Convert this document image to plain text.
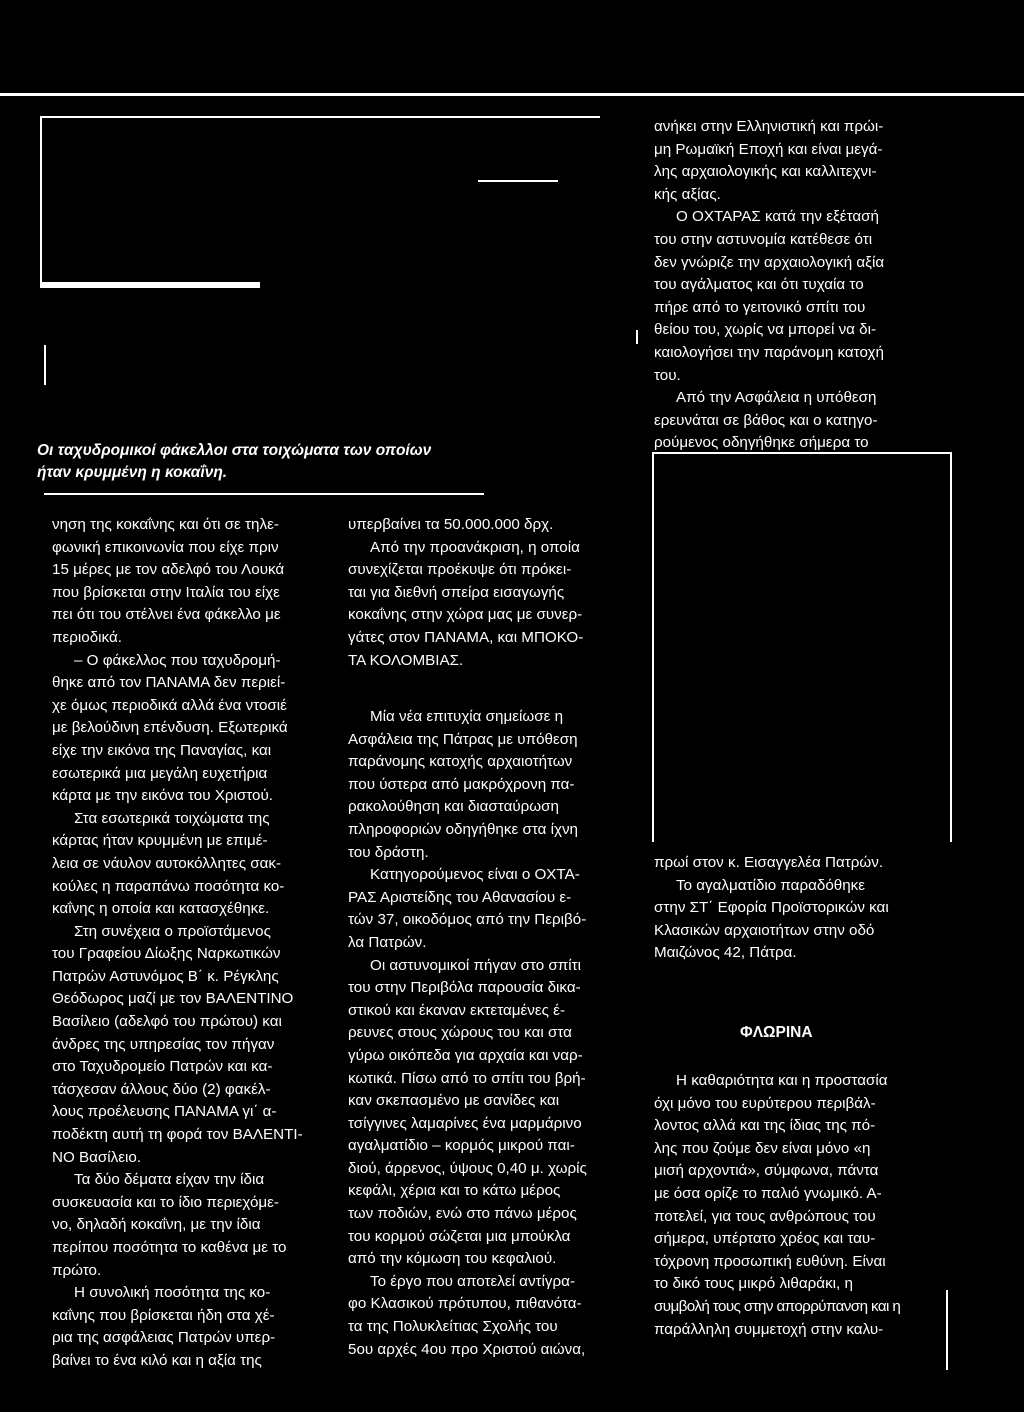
Οι ταχυδρομικοί φάκελλοι στα τοιχώματα των οποίων
ήταν κρυμμένη η κοκαΐνη.

νηση της κοκαΐνης και ότι σε τηλε-

φωνική επικοινωνία που είχε πριν

15 μέρες με τον αδελφό του Λουκά

που βρίσκεται στην Ιταλία του είχε

πει ότι του στέλνει ένα φάκελλο με

περιοδικά.

– Ο φάκελλος που ταχυδρομή-

θηκε από τον ΠΑΝΑΜΑ δεν περιεί-

χε όμως περιοδικά αλλά ένα ντοσιέ

με βελούδινη επένδυση. Εξωτερικά

είχε την εικόνα της Παναγίας, και

εσωτερικά μια μεγάλη ευχετήρια

κάρτα με την εικόνα του Χριστού.

Στα εσωτερικά τοιχώματα της

κάρτας ήταν κρυμμένη με επιμέ-

λεια σε νάυλον αυτοκόλλητες σακ-

κούλες η παραπάνω ποσότητα κο-

καΐνης η οποία και κατασχέθηκε.

Στη συνέχεια ο προϊστάμενος

του Γραφείου Δίωξης Ναρκωτικών

Πατρών Αστυνόμος Β΄ κ. Ρέγκλης

Θεόδωρος μαζί με τον ΒΑΛΕΝΤΙΝΟ

Βασίλειο (αδελφό του πρώτου) και

άνδρες της υπηρεσίας τον πήγαν

στο Ταχυδρομείο Πατρών και κα-

τάσχεσαν άλλους δύο (2) φακέλ-

λους προέλευσης ΠΑΝΑΜΑ γι΄ α-

ποδέκτη αυτή τη φορά τον ΒΑΛΕΝΤΙ-

ΝΟ Βασίλειο.

Τα δύο δέματα είχαν την ίδια

συσκευασία και το ίδιο περιεχόμε-

νο, δηλαδή κοκαΐνη, με την ίδια

περίπου ποσότητα το καθένα με το

πρώτο.

Η συνολική ποσότητα της κο-

καΐνης που βρίσκεται ήδη στα χέ-

ρια της ασφάλειας Πατρών υπερ-

βαίνει το ένα κιλό και η αξία της

υπερβαίνει τα 50.000.000 δρχ.

Από την προανάκριση, η οποία

συνεχίζεται προέκυψε ότι πρόκει-

ται για διεθνή σπείρα εισαγωγής

κοκαΐνης στην χώρα μας με συνερ-

γάτες στον ΠΑΝΑΜΑ, και ΜΠΟΚΟ-

ΤΑ ΚΟΛΟΜΒΙΑΣ.

Μία νέα επιτυχία σημείωσε η

Ασφάλεια της Πάτρας με υπόθεση

παράνομης κατοχής αρχαιοτήτων

που ύστερα από μακρόχρονη πα-

ρακολούθηση και διασταύρωση

πληροφοριών οδηγήθηκε στα ίχνη

του δράστη.

Κατηγορούμενος είναι ο ΟΧΤΑ-

ΡΑΣ Αριστείδης του Αθανασίου ε-

τών 37, οικοδόμος από την Περιβό-

λα Πατρών.

Οι αστυνομικοί πήγαν στο σπίτι

του στην Περιβόλα παρουσία δικα-

στικού και έκαναν εκτεταμένες έ-

ρευνες στους χώρους του και στα

γύρω οικόπεδα για αρχαία και ναρ-

κωτικά. Πίσω από το σπίτι του βρή-

καν σκεπασμένο με σανίδες και

τσίγγινες λαμαρίνες ένα μαρμάρινο

αγαλματίδιο – κορμός μικρού παι-

διού, άρρενος, ύψους 0,40 μ. χωρίς

κεφάλι, χέρια και το κάτω μέρος

των ποδιών, ενώ στο πάνω μέρος

του κορμού σώζεται μια μπούκλα

από την κόμωση του κεφαλιού.

Το έργο που αποτελεί αντίγρα-

φο Κλασικού πρότυπου, πιθανότα-

τα της Πολυκλείτιας Σχολής του

5ου αρχές 4ου προ Χριστού αιώνα,

ανήκει στην Ελληνιστική και πρώι-

μη Ρωμαϊκή Εποχή και είναι μεγά-

λης αρχαιολογικής και καλλιτεχνι-

κής αξίας.

Ο ΟΧΤΑΡΑΣ κατά την εξέτασή

του στην αστυνομία κατέθεσε ότι

δεν γνώριζε την αρχαιολογική αξία

του αγάλματος και ότι τυχαία το

πήρε από το γειτονικό σπίτι του

θείου του, χωρίς να μπορεί να δι-

καιολογήσει την παράνομη κατοχή

του.

Από την Ασφάλεια η υπόθεση

ερευνάται σε βάθος και ο κατηγο-

ρούμενος οδηγήθηκε σήμερα το

πρωί στον κ. Εισαγγελέα Πατρών.

Το αγαλματίδιο παραδόθηκε

στην ΣΤ΄ Εφορία Προϊστορικών και

Κλασικών αρχαιοτήτων στην οδό

Μαιζώνος 42, Πάτρα.

ΦΛΩΡΙΝΑ

Η καθαριότητα και η προστασία

όχι μόνο του ευρύτερου περιβάλ-

λοντος αλλά και της ίδιας της πό-

λης που ζούμε δεν είναι μόνο «η

μισή αρχοντιά», σύμφωνα, πάντα

με όσα ορίζε το παλιό γνωμικό. Α-

ποτελεί, για τους ανθρώπους του

σήμερα, υπέρτατο χρέος και ταυ-

τόχρονη προσωπική ευθύνη. Είναι

το δικό τους μικρό λιθαράκι, η

συμβολή τους στην απορρύπανση και η

παράλληλη συμμετοχή στην καλυ-
